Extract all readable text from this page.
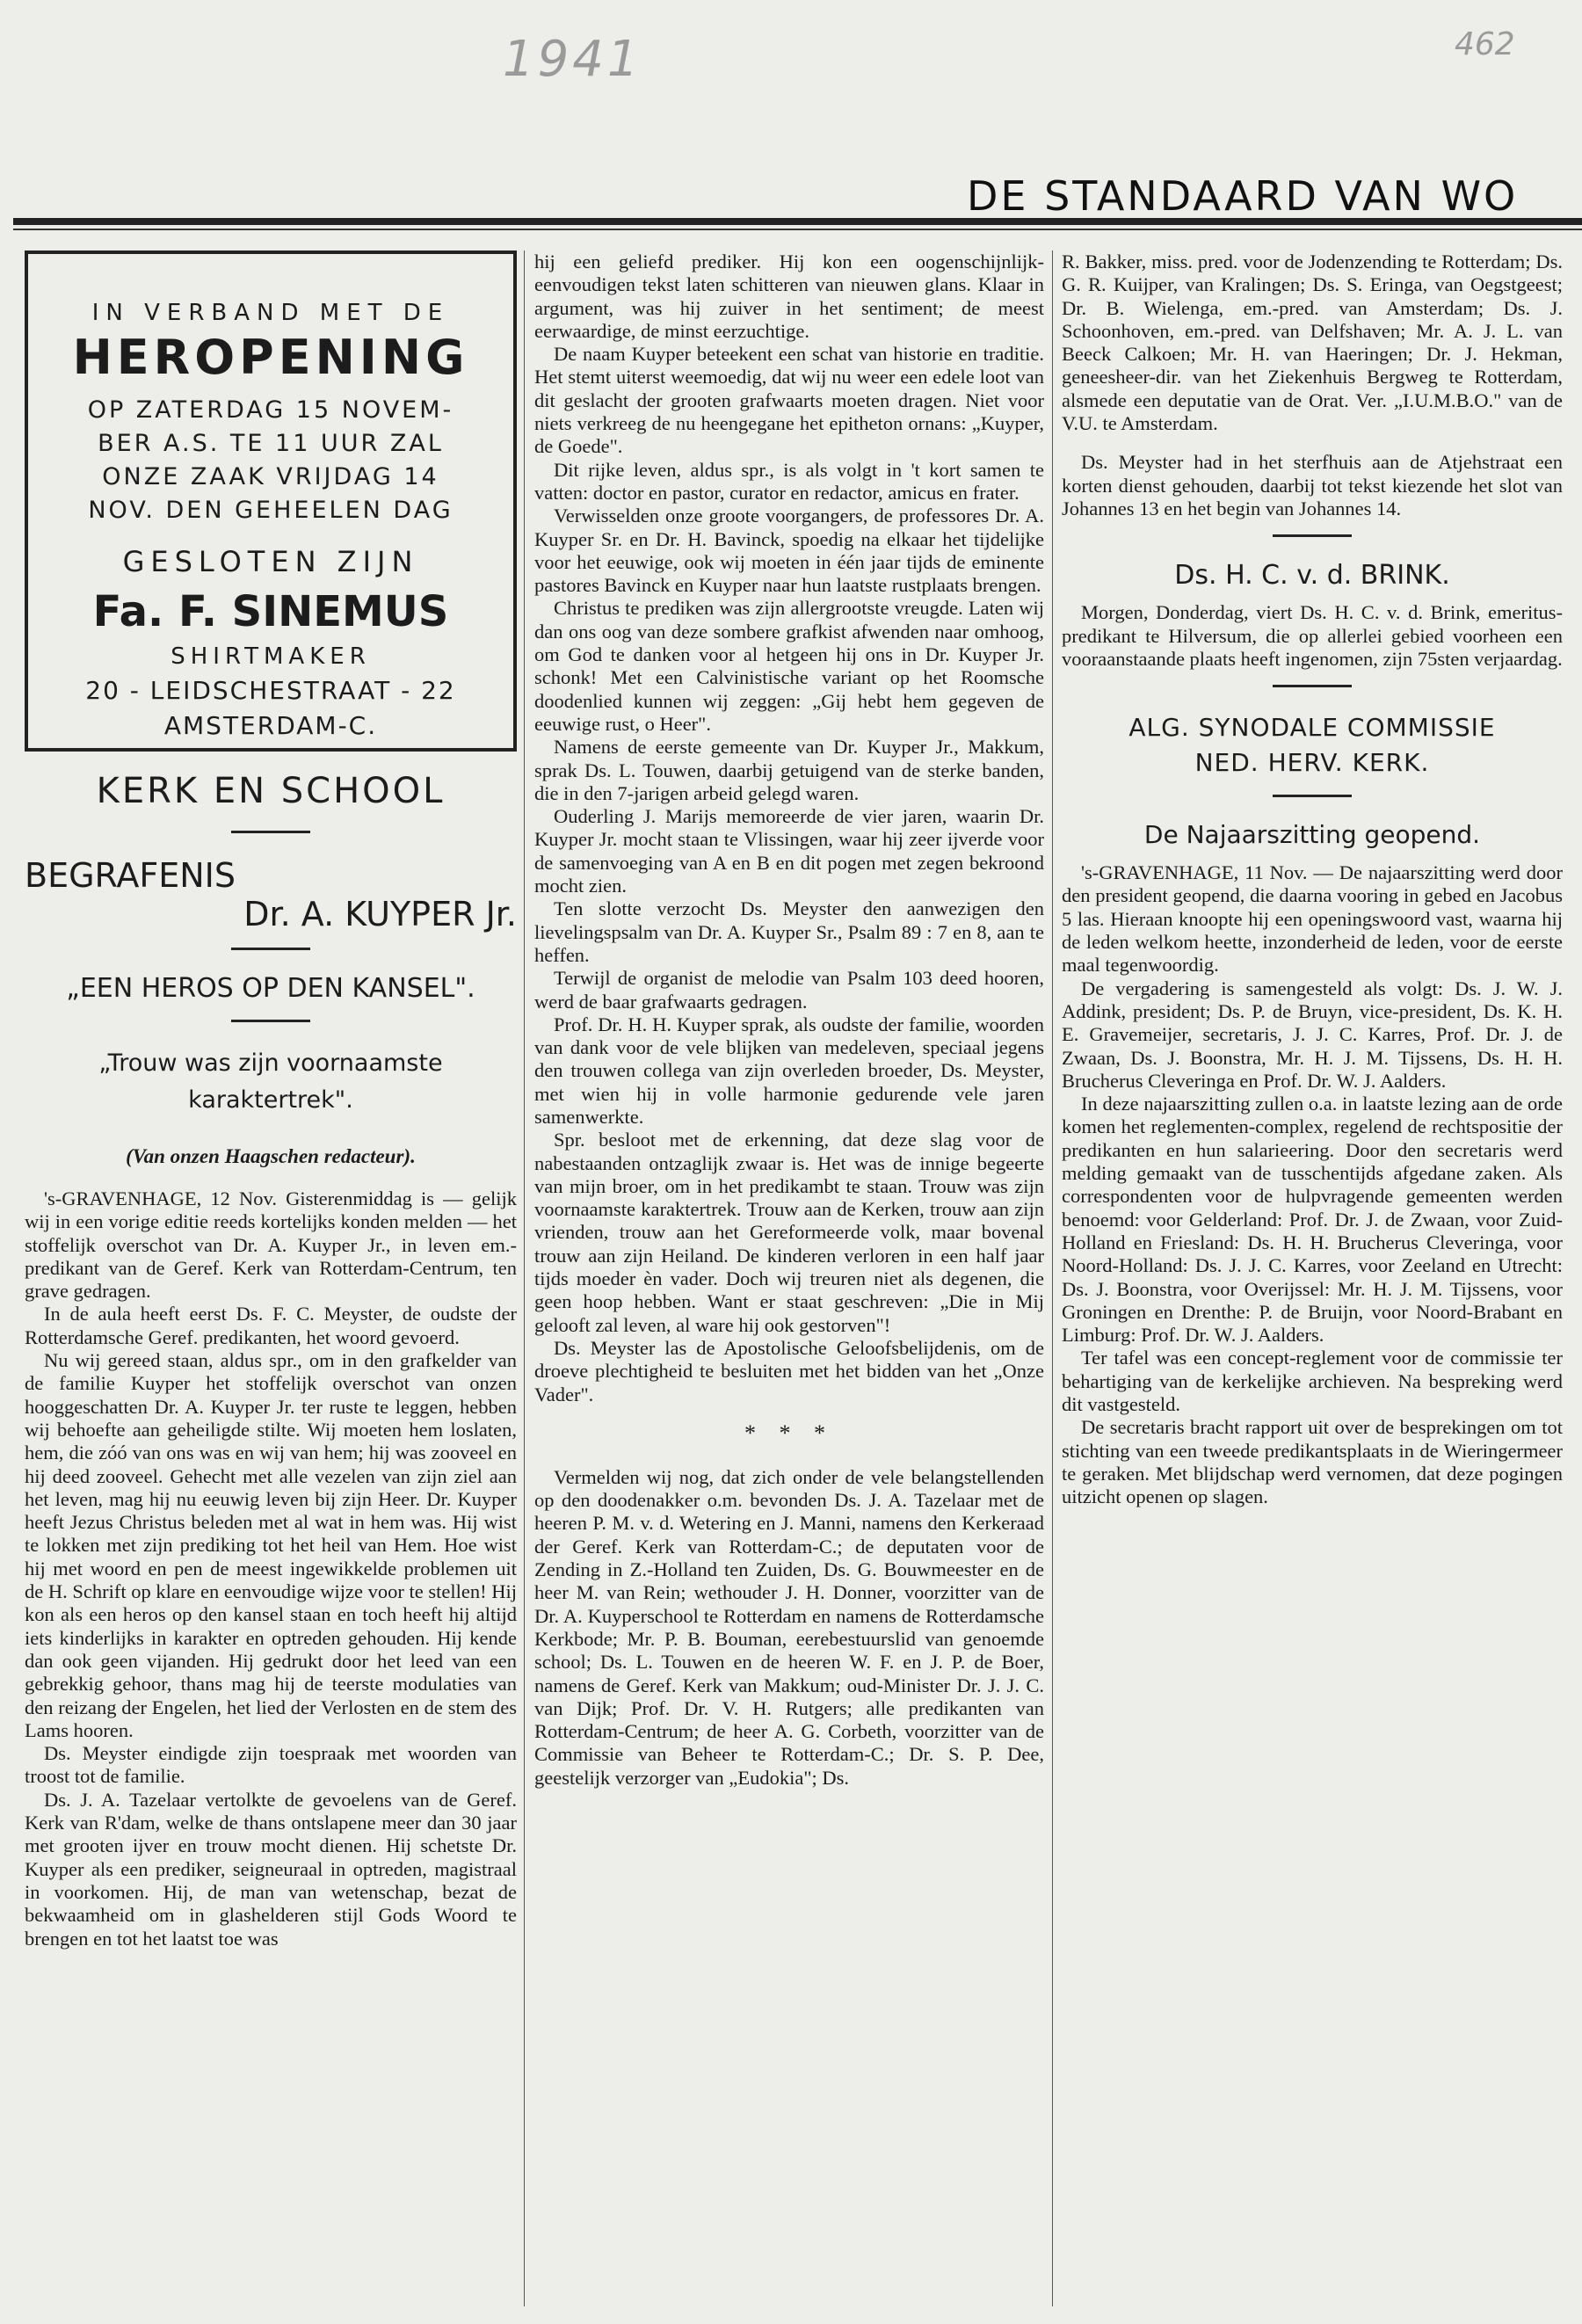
1941	462
DE STANDAARD VAN WO
IN VERBAND MET DE
HEROPENING
OP ZATERDAG 15 NOVEM-
BER A.S. TE 11 UUR ZAL
ONZE ZAAK VRIJDAG 14
NOV. DEN GEHEELEN DAG
GESLOTEN ZIJN
Fa. F. SINEMUS
SHIRTMAKER
20 - LEIDSCHESTRAAT - 22
AMSTERDAM-C.
KERK EN SCHOOL
BEGRAFENIS
Dr. A. KUYPER Jr.
„EEN HEROS OP DEN KANSEL".
„Trouw was zijn voornaamste
karaktertrek".
(Van onzen Haagschen redacteur).

's-GRAVENHAGE, 12 Nov. Gisterenmiddag is — gelijk wij in een vorige editie reeds kortelijks konden melden — het stoffelijk overschot van Dr. A. Kuyper Jr., in leven em.-predikant van de Geref. Kerk van Rotterdam-Centrum, ten grave gedragen.

In de aula heeft eerst Ds. F. C. Meyster, de oudste der Rotterdamsche Geref. predikanten, het woord gevoerd.

Nu wij gereed staan, aldus spr., om in den grafkelder van de familie Kuyper het stoffelijk overschot van onzen hooggeschatten Dr. A. Kuyper Jr. ter ruste te leggen, hebben wij behoefte aan geheiligde stilte. Wij moeten hem loslaten, hem, die zóó van ons was en wij van hem; hij was zooveel en hij deed zooveel. Gehecht met alle vezelen van zijn ziel aan het leven, mag hij nu eeuwig leven bij zijn Heer. Dr. Kuyper heeft Jezus Christus beleden met al wat in hem was. Hij wist te lokken met zijn prediking tot het heil van Hem. Hoe wist hij met woord en pen de meest ingewikkelde problemen uit de H. Schrift op klare en eenvoudige wijze voor te stellen! Hij kon als een heros op den kansel staan en toch heeft hij altijd iets kinderlijks in karakter en optreden gehouden. Hij kende dan ook geen vijanden. Hij gedrukt door het leed van een gebrekkig gehoor, thans mag hij de teerste modulaties van den reizang der Engelen, het lied der Verlosten en de stem des Lams hooren.

Ds. Meyster eindigde zijn toespraak met woorden van troost tot de familie.

Ds. J. A. Tazelaar vertolkte de gevoelens van de Geref. Kerk van R'dam, welke de thans ontslapene meer dan 30 jaar met grooten ijver en trouw mocht dienen. Hij schetste Dr. Kuyper als een prediker, seigneuraal in optreden, magistraal in voorkomen. Hij, de man van wetenschap, bezat de bekwaamheid om in glashelderen stijl Gods Woord te brengen en tot het laatst toe was

hij een geliefd prediker. Hij kon een oogenschijnlijk-eenvoudigen tekst laten schitteren van nieuwen glans. Klaar in argument, was hij zuiver in het sentiment; de meest eerwaardige, de minst eerzuchtige.

De naam Kuyper beteekent een schat van historie en traditie. Het stemt uiterst weemoedig, dat wij nu weer een edele loot van dit geslacht der grooten grafwaarts moeten dragen. Niet voor niets verkreeg de nu heengegane het epitheton ornans: „Kuyper, de Goede".

Dit rijke leven, aldus spr., is als volgt in 't kort samen te vatten: doctor en pastor, curator en redactor, amicus en frater.

Verwisselden onze groote voorgangers, de professores Dr. A. Kuyper Sr. en Dr. H. Bavinck, spoedig na elkaar het tijdelijke voor het eeuwige, ook wij moeten in één jaar tijds de eminente pastores Bavinck en Kuyper naar hun laatste rustplaats brengen.

Christus te prediken was zijn allergrootste vreugde. Laten wij dan ons oog van deze sombere grafkist afwenden naar omhoog, om God te danken voor al hetgeen hij ons in Dr. Kuyper Jr. schonk! Met een Calvinistische variant op het Roomsche doodenlied kunnen wij zeggen: „Gij hebt hem gegeven de eeuwige rust, o Heer".

Namens de eerste gemeente van Dr. Kuyper Jr., Makkum, sprak Ds. L. Touwen, daarbij getuigend van de sterke banden, die in den 7-jarigen arbeid gelegd waren.

Ouderling J. Marijs memoreerde de vier jaren, waarin Dr. Kuyper Jr. mocht staan te Vlissingen, waar hij zeer ijverde voor de samenvoeging van A en B en dit pogen met zegen bekroond mocht zien.

Ten slotte verzocht Ds. Meyster den aanwezigen den lievelingspsalm van Dr. A. Kuyper Sr., Psalm 89 : 7 en 8, aan te heffen.

Terwijl de organist de melodie van Psalm 103 deed hooren, werd de baar grafwaarts gedragen.

Prof. Dr. H. H. Kuyper sprak, als oudste der familie, woorden van dank voor de vele blijken van medeleven, speciaal jegens den trouwen collega van zijn overleden broeder, Ds. Meyster, met wien hij in volle harmonie gedurende vele jaren samenwerkte.

Spr. besloot met de erkenning, dat deze slag voor de nabestaanden ontzaglijk zwaar is. Het was de innige begeerte van mijn broer, om in het predikambt te staan. Trouw was zijn voornaamste karaktertrek. Trouw aan de Kerken, trouw aan zijn vrienden, trouw aan het Gereformeerde volk, maar bovenal trouw aan zijn Heiland. De kinderen verloren in een half jaar tijds moeder èn vader. Doch wij treuren niet als degenen, die geen hoop hebben. Want er staat geschreven: „Die in Mij gelooft zal leven, al ware hij ook gestorven"!

Ds. Meyster las de Apostolische Geloofsbelijdenis, om de droeve plechtigheid te besluiten met het bidden van het „Onze Vader".

* * *

Vermelden wij nog, dat zich onder de vele belangstellenden op den doodenakker o.m. bevonden Ds. J. A. Tazelaar met de heeren P. M. v. d. Wetering en J. Manni, namens den Kerkeraad der Geref. Kerk van Rotterdam-C.; de deputaten voor de Zending in Z.-Holland ten Zuiden, Ds. G. Bouwmeester en de heer M. van Rein; wethouder J. H. Donner, voorzitter van de Dr. A. Kuyperschool te Rotterdam en namens de Rotterdamsche Kerkbode; Mr. P. B. Bouman, eerebestuurslid van genoemde school; Ds. L. Touwen en de heeren W. F. en J. P. de Boer, namens de Geref. Kerk van Makkum; oud-Minister Dr. J. J. C. van Dijk; Prof. Dr. V. H. Rutgers; alle predikanten van Rotterdam-Centrum; de heer A. G. Corbeth, voorzitter van de Commissie van Beheer te Rotterdam-C.; Dr. S. P. Dee, geestelijk verzorger van „Eudokia"; Ds.

R. Bakker, miss. pred. voor de Jodenzending te Rotterdam; Ds. G. R. Kuijper, van Kralingen; Ds. S. Eringa, van Oegstgeest; Dr. B. Wielenga, em.-pred. van Amsterdam; Ds. J. Schoonhoven, em.-pred. van Delfshaven; Mr. A. J. L. van Beeck Calkoen; Mr. H. van Haeringen; Dr. J. Hekman, geneesheer-dir. van het Ziekenhuis Bergweg te Rotterdam, alsmede een deputatie van de Orat. Ver. „I.U.M.B.O." van de V.U. te Amsterdam.

Ds. Meyster had in het sterfhuis aan de Atjehstraat een korten dienst gehouden, daarbij tot tekst kiezende het slot van Johannes 13 en het begin van Johannes 14.

Ds. H. C. v. d. BRINK.

Morgen, Donderdag, viert Ds. H. C. v. d. Brink, emeritus-predikant te Hilversum, die op allerlei gebied voorheen een vooraanstaande plaats heeft ingenomen, zijn 75sten verjaardag.

ALG. SYNODALE COMMISSIE
NED. HERV. KERK.
De Najaarszitting geopend.

's-GRAVENHAGE, 11 Nov. — De najaarszitting werd door den president geopend, die daarna vooring in gebed en Jacobus 5 las. Hieraan knoopte hij een openingswoord vast, waarna hij de leden welkom heette, inzonderheid de leden, voor de eerste maal tegenwoordig.

De vergadering is samengesteld als volgt: Ds. J. W. J. Addink, president; Ds. P. de Bruyn, vice-president, Ds. K. H. E. Gravemeijer, secretaris, J. J. C. Karres, Prof. Dr. J. de Zwaan, Ds. J. Boonstra, Mr. H. J. M. Tijssens, Ds. H. H. Brucherus Cleveringa en Prof. Dr. W. J. Aalders.

In deze najaarszitting zullen o.a. in laatste lezing aan de orde komen het reglementen-complex, regelend de rechtspositie der predikanten en hun salarieering. Door den secretaris werd melding gemaakt van de tusschentijds afgedane zaken. Als correspondenten voor de hulpvragende gemeenten werden benoemd: voor Gelderland: Prof. Dr. J. de Zwaan, voor Zuid-Holland en Friesland: Ds. H. H. Brucherus Cleveringa, voor Noord-Holland: Ds. J. J. C. Karres, voor Zeeland en Utrecht: Ds. J. Boonstra, voor Overijssel: Mr. H. J. M. Tijssens, voor Groningen en Drenthe: P. de Bruijn, voor Noord-Brabant en Limburg: Prof. Dr. W. J. Aalders.

Ter tafel was een concept-reglement voor de commissie ter behartiging van de kerkelijke archieven. Na bespreking werd dit vastgesteld.

De secretaris bracht rapport uit over de besprekingen om tot stichting van een tweede predikantsplaats in de Wieringermeer te geraken. Met blijdschap werd vernomen, dat deze pogingen uitzicht openen op slagen.
